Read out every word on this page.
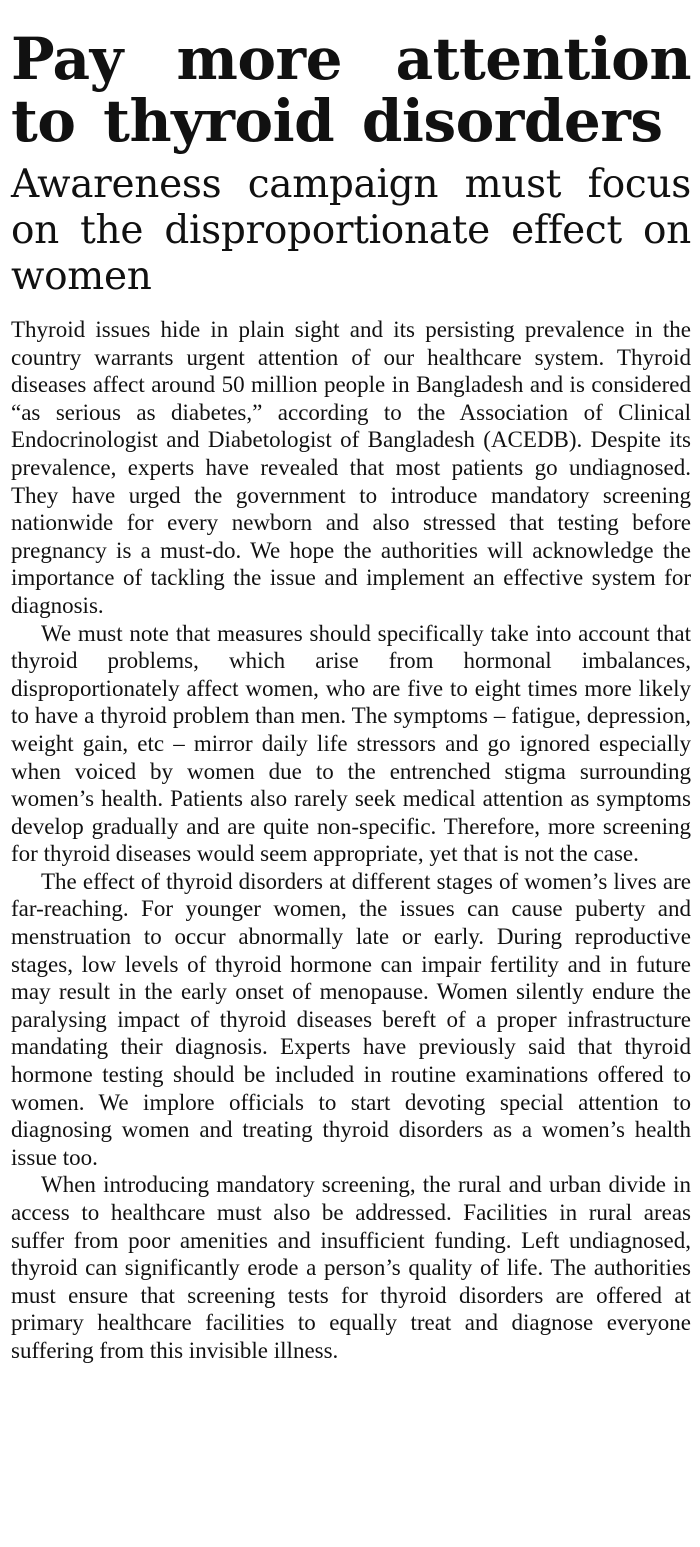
Pay more attention to thyroid disorders
Awareness campaign must focus on the disproportionate effect on women

Thyroid issues hide in plain sight and its persisting prevalence in the country warrants urgent attention of our healthcare system. Thyroid diseases affect around 50 million people in Bangladesh and is considered “as serious as diabetes,” according to the Association of Clinical Endocrinologist and Diabetologist of Bangladesh (ACEDB). Despite its prevalence, experts have revealed that most patients go undiagnosed. They have urged the government to introduce mandatory screening nationwide for every newborn and also stressed that testing before pregnancy is a must-do. We hope the authorities will acknowledge the importance of tackling the issue and implement an effective system for diagnosis.

We must note that measures should specifically take into account that thyroid problems, which arise from hormonal imbalances, disproportionately affect women, who are five to eight times more likely to have a thyroid problem than men. The symptoms – fatigue, depression, weight gain, etc – mirror daily life stressors and go ignored especially when voiced by women due to the entrenched stigma surrounding women’s health. Patients also rarely seek medical attention as symptoms develop gradually and are quite non-specific. Therefore, more screening for thyroid diseases would seem appropriate, yet that is not the case.

The effect of thyroid disorders at different stages of women’s lives are far-reaching. For younger women, the issues can cause puberty and menstruation to occur abnormally late or early. During reproductive stages, low levels of thyroid hormone can impair fertility and in future may result in the early onset of menopause. Women silently endure the paralysing impact of thyroid diseases bereft of a proper infrastructure mandating their diagnosis. Experts have previously said that thyroid hormone testing should be included in routine examinations offered to women. We implore officials to start devoting special attention to diagnosing women and treating thyroid disorders as a women’s health issue too.

When introducing mandatory screening, the rural and urban divide in access to healthcare must also be addressed. Facilities in rural areas suffer from poor amenities and insufficient funding. Left undiagnosed, thyroid can significantly erode a person’s quality of life. The authorities must ensure that screening tests for thyroid disorders are offered at primary healthcare facilities to equally treat and diagnose everyone suffering from this invisible illness.
